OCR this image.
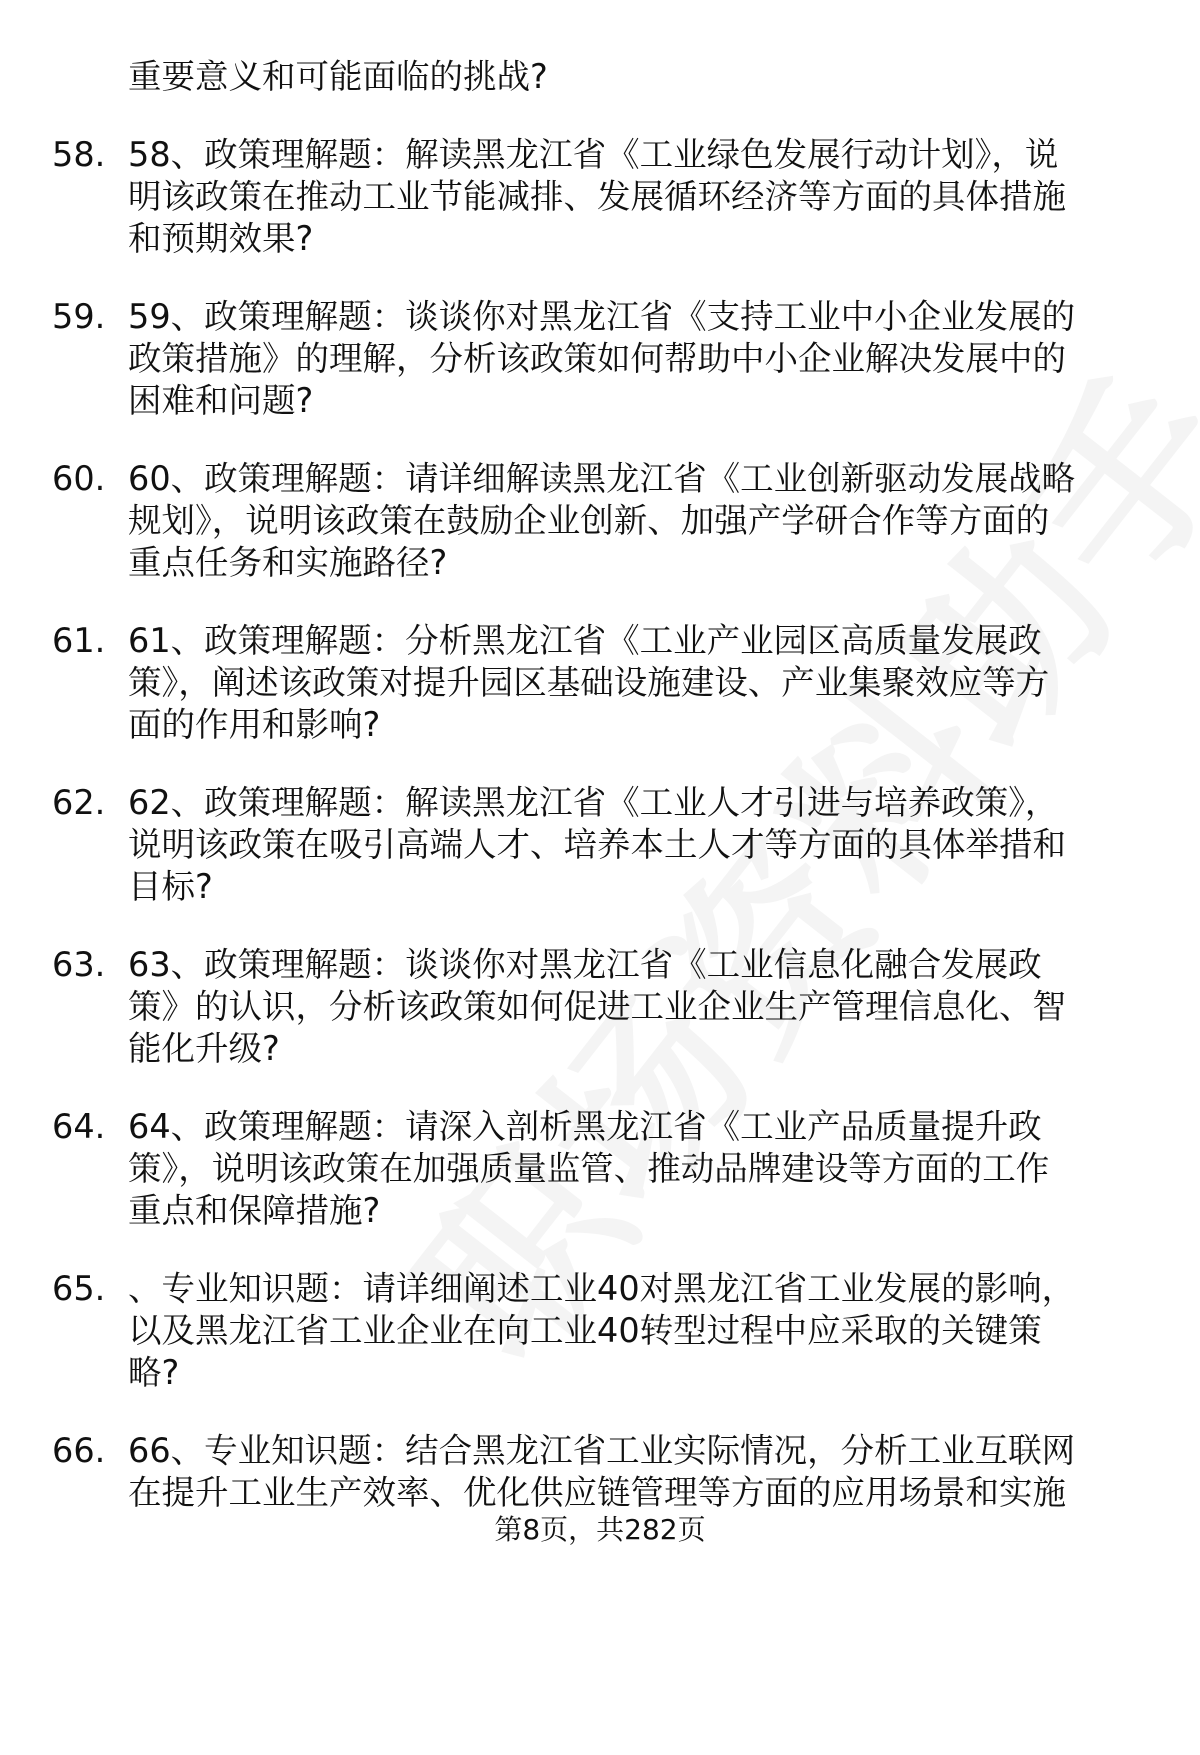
重要意义和可能面临的挑战?
58. 58、政策理解题：解读黑龙江省《工业绿色发展行动计划》，说
明该政策在推动工业节能减排、发展循环经济等方面的具体措施
和预期效果?
59. 59、政策理解题：谈谈你对黑龙江省《支持工业中小企业发展的
政策措施》的理解，分析该政策如何帮助中小企业解决发展中的
困难和问题?
60. 60、政策理解题：请详细解读黑龙江省《工业创新驱动发展战略
规划》，说明该政策在鼓励企业创新、加强产学研合作等方面的
重点任务和实施路径?
61. 61、政策理解题：分析黑龙江省《工业产业园区高质量发展政
策》，阐述该政策对提升园区基础设施建设、产业集聚效应等方
面的作用和影响?
62. 62、政策理解题：解读黑龙江省《工业人才引进与培养政策》，
说明该政策在吸引高端人才、培养本土人才等方面的具体举措和
目标?
63. 63、政策理解题：谈谈你对黑龙江省《工业信息化融合发展政
策》的认识，分析该政策如何促进工业企业生产管理信息化、智
能化升级?
64. 64、政策理解题：请深入剖析黑龙江省《工业产品质量提升政
策》，说明该政策在加强质量监管、推动品牌建设等方面的工作
重点和保障措施?
65. 、专业知识题：请详细阐述工业40对黑龙江省工业发展的影响，
以及黑龙江省工业企业在向工业40转型过程中应采取的关键策
略?
66. 66、专业知识题：结合黑龙江省工业实际情况，分析工业互联网
在提升工业生产效率、优化供应链管理等方面的应用场景和实施
第8页，共282页
